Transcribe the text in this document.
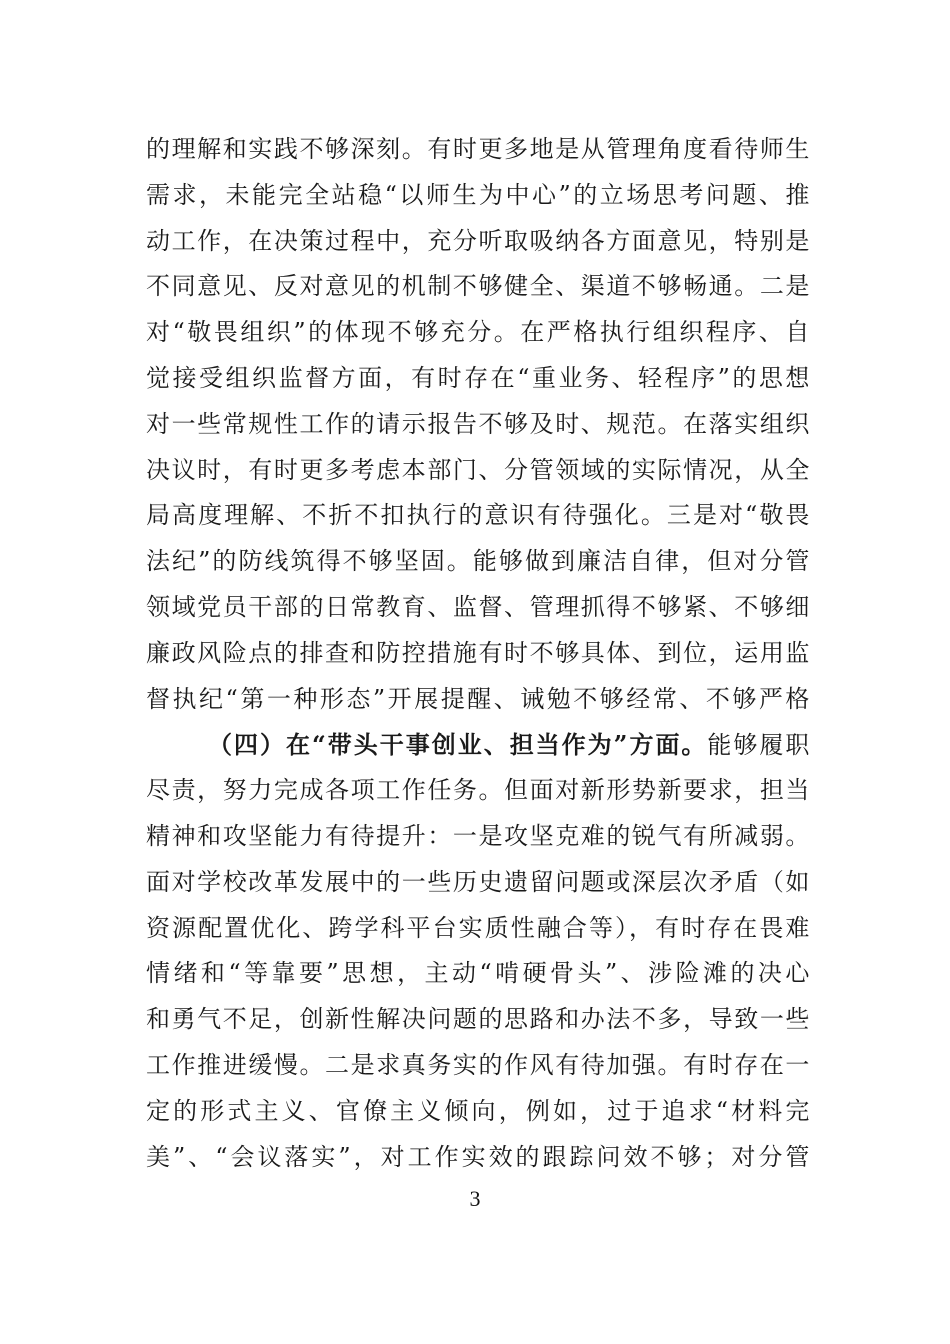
的理解和实践不够深刻。有时更多地是从管理角度看待师生
需求，未能完全站稳“以师生为中心”的立场思考问题、推
动工作，在决策过程中，充分听取吸纳各方面意见，特别是
不同意见、反对意见的机制不够健全、渠道不够畅通。二是
对“敬畏组织”的体现不够充分。在严格执行组织程序、自
觉接受组织监督方面，有时存在“重业务、轻程序”的思想
对一些常规性工作的请示报告不够及时、规范。在落实组织
决议时，有时更多考虑本部门、分管领域的实际情况，从全
局高度理解、不折不扣执行的意识有待强化。三是对“敬畏
法纪”的防线筑得不够坚固。能够做到廉洁自律，但对分管
领域党员干部的日常教育、监督、管理抓得不够紧、不够细
廉政风险点的排查和防控措施有时不够具体、到位，运用监
督执纪“第一种形态”开展提醒、诫勉不够经常、不够严格
（四）在“带头干事创业、担当作为”方面。能够履职
尽责，努力完成各项工作任务。但面对新形势新要求，担当
精神和攻坚能力有待提升：一是攻坚克难的锐气有所减弱。
面对学校改革发展中的一些历史遗留问题或深层次矛盾（如
资源配置优化、跨学科平台实质性融合等），有时存在畏难
情绪和“等靠要”思想，主动“啃硬骨头”、涉险滩的决心
和勇气不足，创新性解决问题的思路和办法不多，导致一些
工作推进缓慢。二是求真务实的作风有待加强。有时存在一
定的形式主义、官僚主义倾向，例如，过于追求“材料完
美”、“会议落实”，对工作实效的跟踪问效不够；对分管
3
